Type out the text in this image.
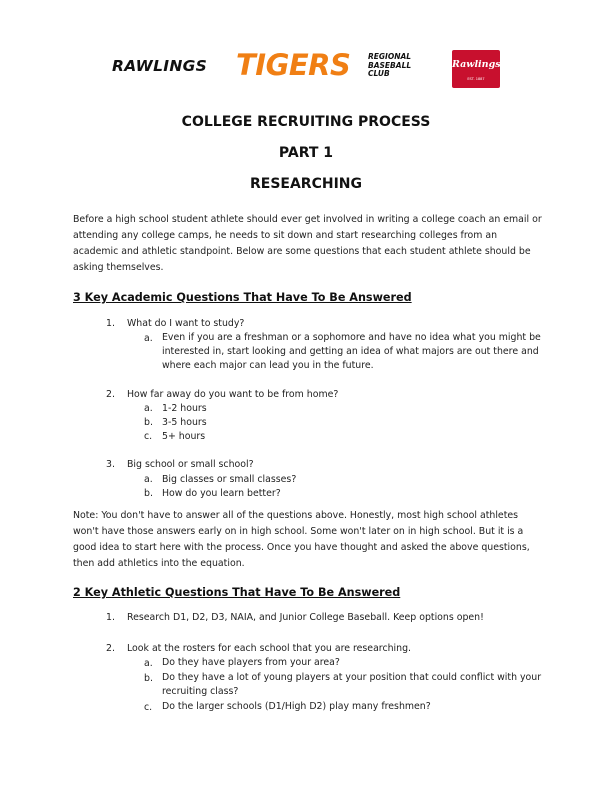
RAWLINGS TIGERS REGIONAL
BASEBALL
CLUB
Rawlings
EST. 1887
COLLEGE RECRUITING PROCESS
PART 1
RESEARCHING
Before a high school student athlete should ever get involved in writing a college coach an email or attending any college camps, he needs to sit down and start researching colleges from an academic and athletic standpoint. Below are some questions that each student athlete should be asking themselves.
3 Key Academic Questions That Have To Be Answered
1. What do I want to study?
a. Even if you are a freshman or a sophomore and have no idea what you might be interested in, start looking and getting an idea of what majors are out there and where each major can lead you in the future.
2. How far away do you want to be from home?
a. 1-2 hours
b. 3-5 hours
c. 5+ hours
3. Big school or small school?
a. Big classes or small classes?
b. How do you learn better?
Note: You don't have to answer all of the questions above. Honestly, most high school athletes won't have those answers early on in high school. Some won't later on in high school. But it is a good idea to start here with the process. Once you have thought and asked the above questions, then add athletics into the equation.
2 Key Athletic Questions That Have To Be Answered
1. Research D1, D2, D3, NAIA, and Junior College Baseball. Keep options open!
2. Look at the rosters for each school that you are researching.
a. Do they have players from your area?
b. Do they have a lot of young players at your position that could conflict with your recruiting class?
c. Do the larger schools (D1/High D2) play many freshmen?
